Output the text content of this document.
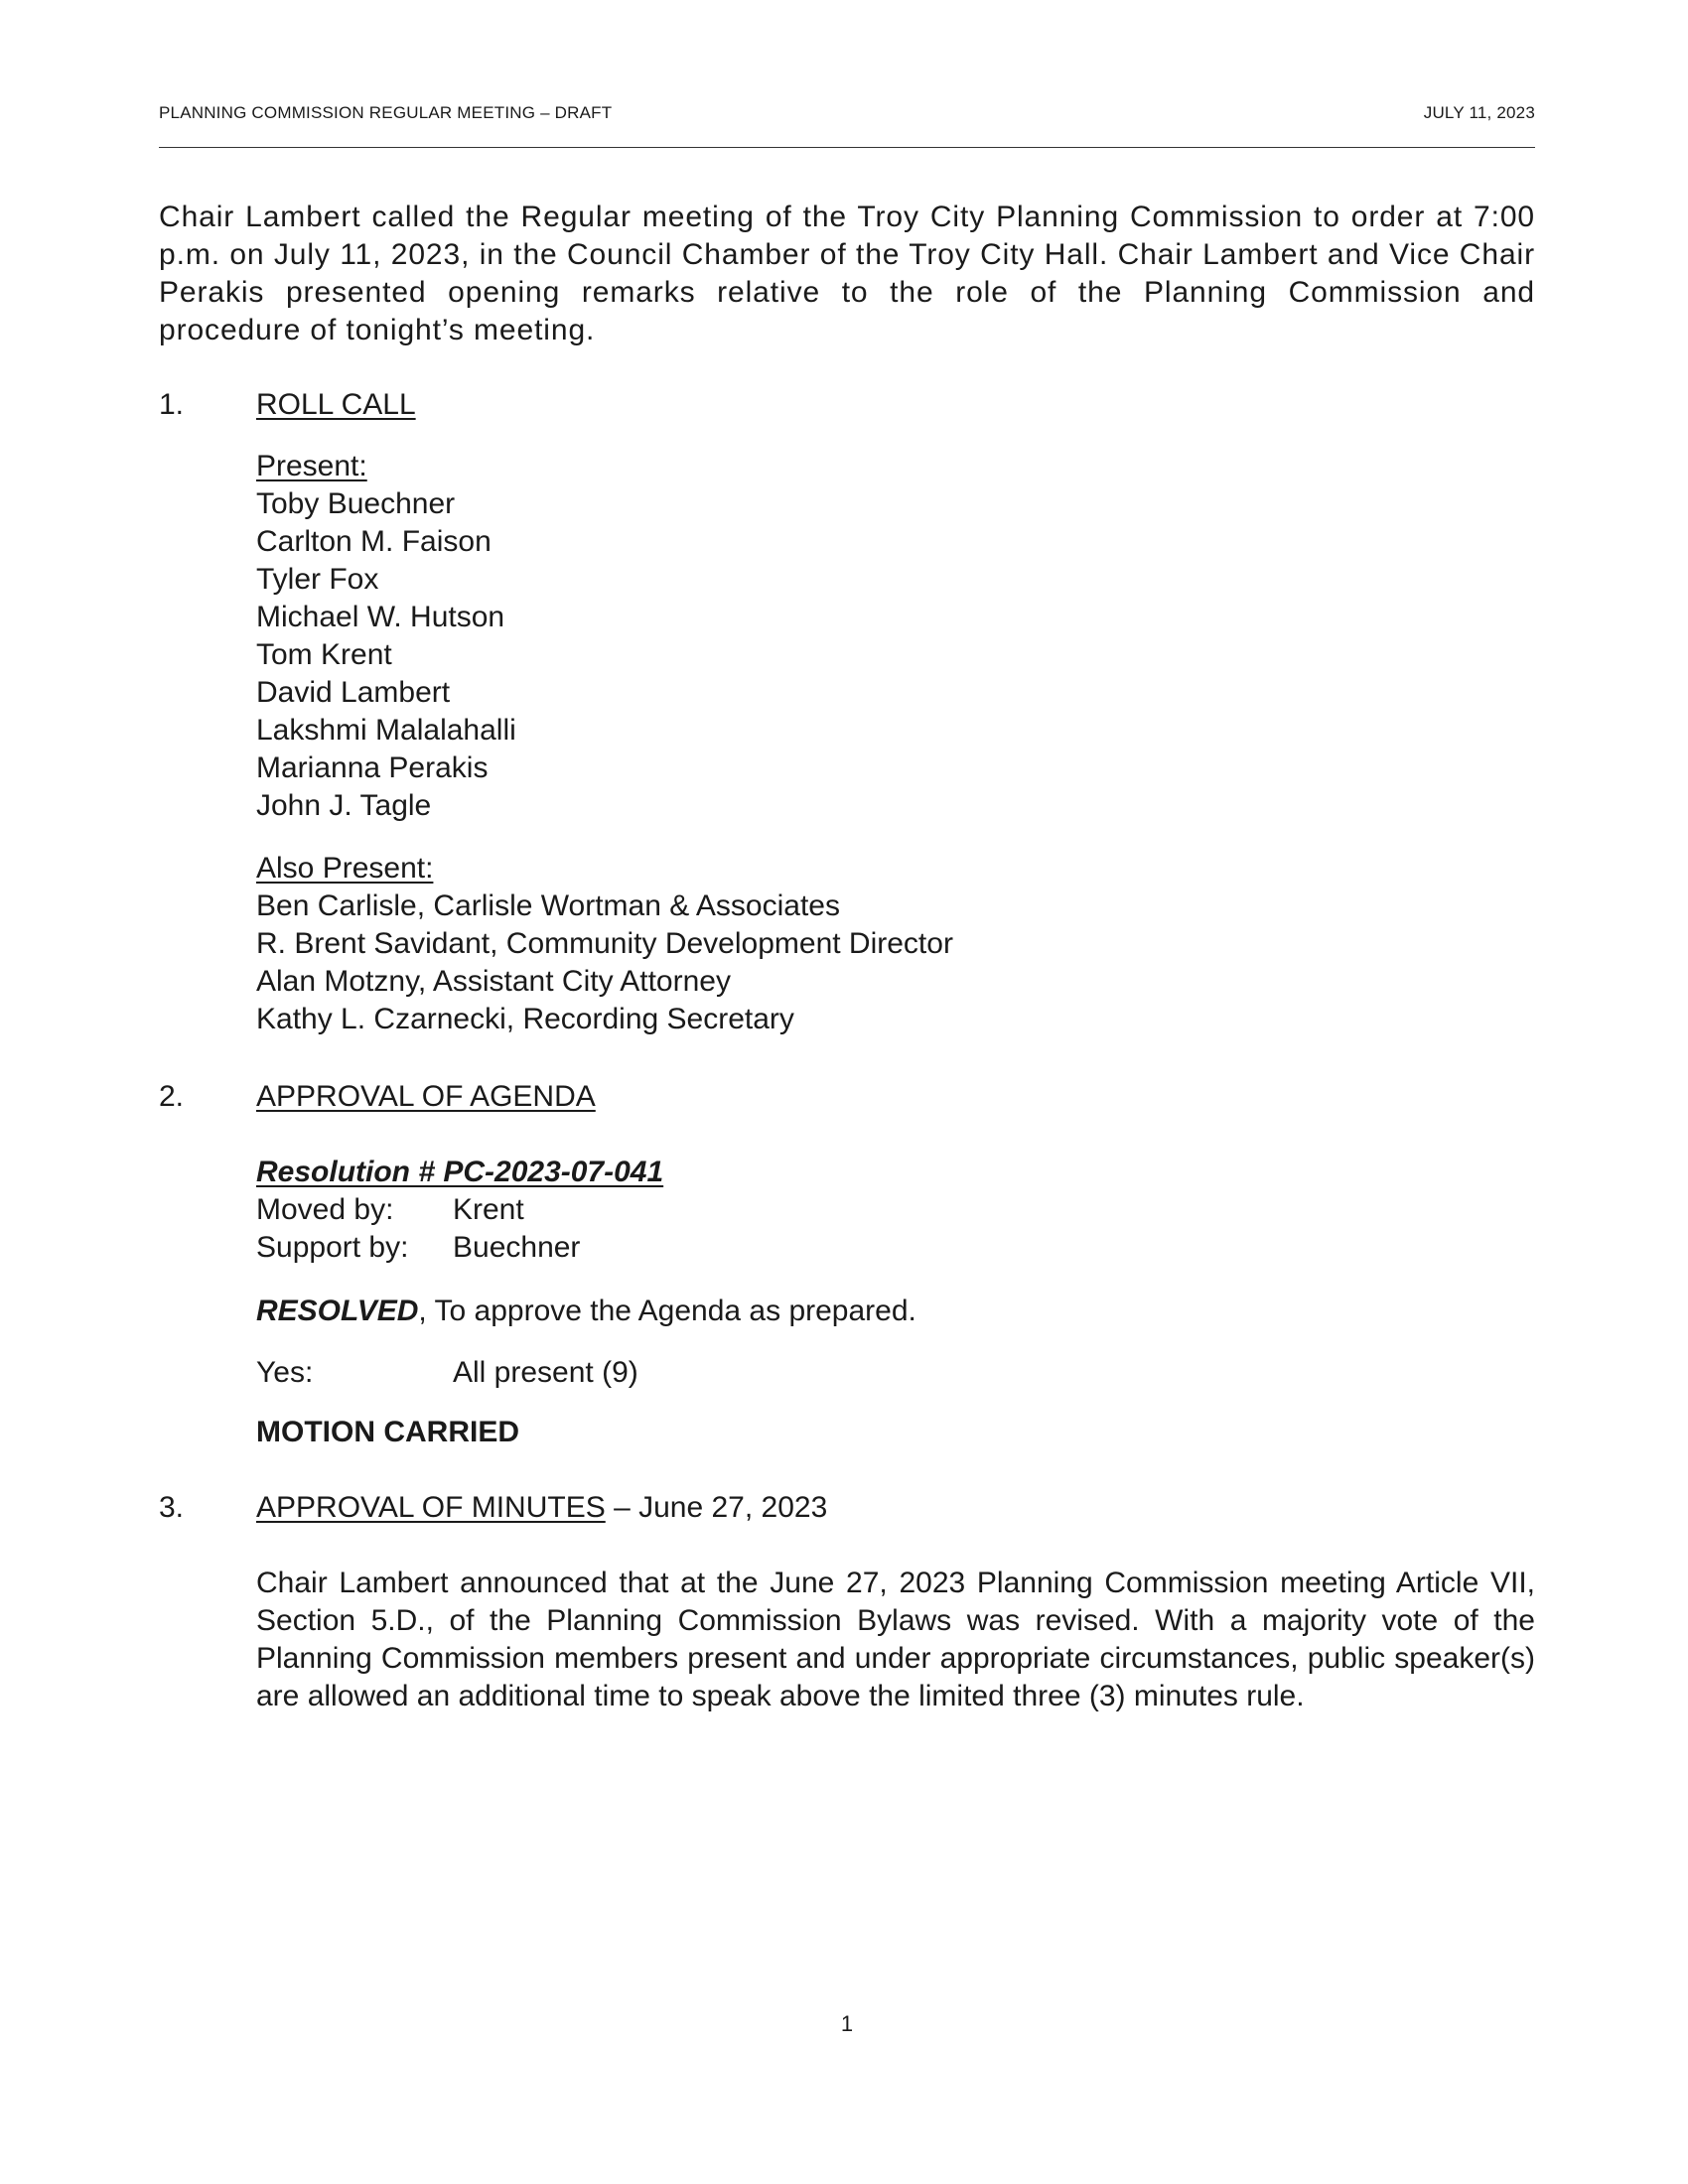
PLANNING COMMISSION REGULAR MEETING – DRAFT	JULY 11, 2023

Chair Lambert called the Regular meeting of the Troy City Planning Commission to order at 7:00 p.m. on July 11, 2023, in the Council Chamber of the Troy City Hall. Chair Lambert and Vice Chair Perakis presented opening remarks relative to the role of the Planning Commission and procedure of tonight’s meeting.

1. ROLL CALL
Present:
Toby Buechner
Carlton M. Faison
Tyler Fox
Michael W. Hutson
Tom Krent
David Lambert
Lakshmi Malalahalli
Marianna Perakis
John J. Tagle
Also Present:
Ben Carlisle, Carlisle Wortman & Associates
R. Brent Savidant, Community Development Director
Alan Motzny, Assistant City Attorney
Kathy L. Czarnecki, Recording Secretary
2. APPROVAL OF AGENDA
Resolution # PC-2023-07-041
Moved by: Krent
Support by: Buechner
RESOLVED, To approve the Agenda as prepared.
Yes:	All present (9)
MOTION CARRIED
3. APPROVAL OF MINUTES – June 27, 2023

Chair Lambert announced that at the June 27, 2023 Planning Commission meeting Article VII, Section 5.D., of the Planning Commission Bylaws was revised. With a majority vote of the Planning Commission members present and under appropriate circumstances, public speaker(s) are allowed an additional time to speak above the limited three (3) minutes rule.

1
